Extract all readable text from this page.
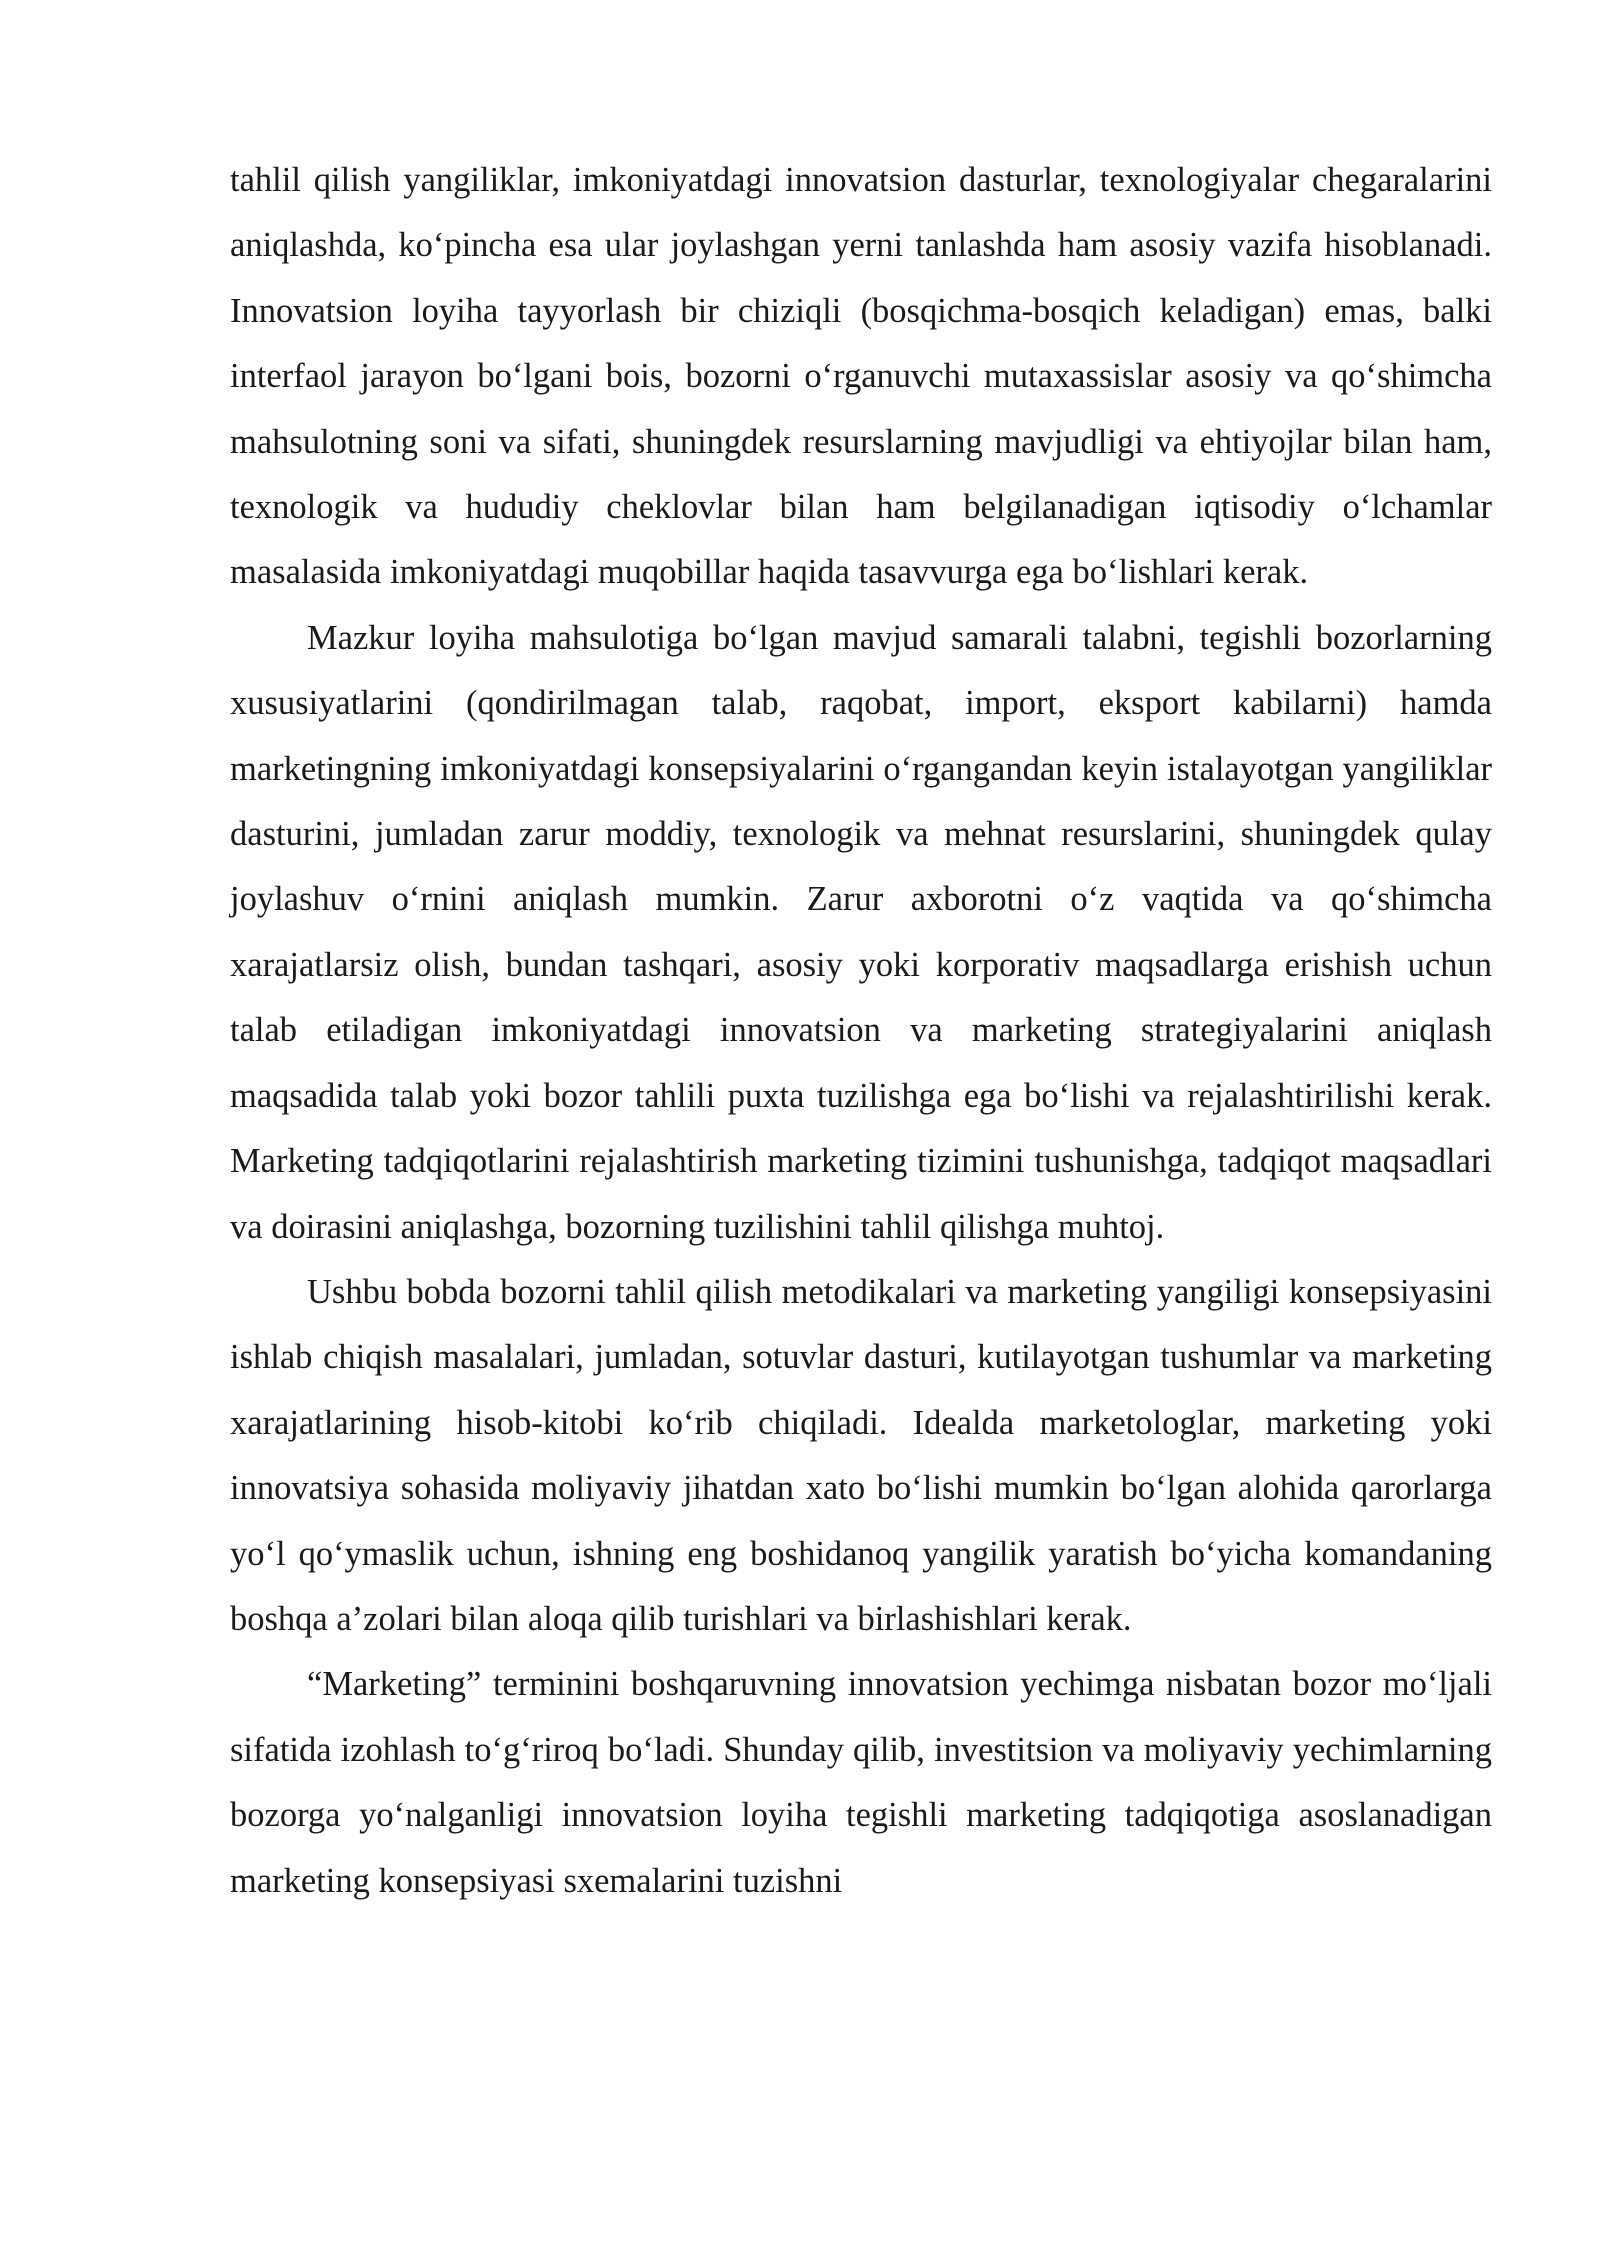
tahlil qilish yangiliklar, imkoniyatdagi innovatsion dasturlar, texnologiyalar chegaralarini aniqlashda, ko‘pincha esa ular joylashgan yerni tanlashda ham asosiy vazifa hisoblanadi. Innovatsion loyiha tayyorlash bir chiziqli (bosqichma-bosqich keladigan) emas, balki interfaol jarayon bo‘lgani bois, bozorni o‘rganuvchi mutaxassislar asosiy va qo‘shimcha mahsulotning soni va sifati, shuningdek resurslarning mavjudligi va ehtiyojlar bilan ham, texnologik va hududiy cheklovlar bilan ham belgilanadigan iqtisodiy o‘lchamlar masalasida imkoniyatdagi muqobillar haqida tasavvurga ega bo‘lishlari kerak.

Mazkur loyiha mahsulotiga bo‘lgan mavjud samarali talabni, tegishli bozorlarning xususiyatlarini (qondirilmagan talab, raqobat, import, eksport kabilarni) hamda marketingning imkoniyatdagi konsepsiyalarini o‘rgangandan keyin istalayotgan yangiliklar dasturini, jumladan zarur moddiy, texnologik va mehnat resurslarini, shuningdek qulay joylashuv o‘rnini aniqlash mumkin. Zarur axborotni o‘z vaqtida va qo‘shimcha xarajatlarsiz olish, bundan tashqari, asosiy yoki korporativ maqsadlarga erishish uchun talab etiladigan imkoniyatdagi innovatsion va marketing strategiyalarini aniqlash maqsadida talab yoki bozor tahlili puxta tuzilishga ega bo‘lishi va rejalashtirilishi kerak. Marketing tadqiqotlarini rejalashtirish marketing tizimini tushunishga, tadqiqot maqsadlari va doirasini aniqlashga, bozorning tuzilishini tahlil qilishga muhtoj.

Ushbu bobda bozorni tahlil qilish metodikalari va marketing yangiligi konsepsiyasini ishlab chiqish masalalari, jumladan, sotuvlar dasturi, kutilayotgan tushumlar va marketing xarajatlarining hisob-kitobi ko‘rib chiqiladi. Idealda marketologlar, marketing yoki innovatsiya sohasida moliyaviy jihatdan xato bo‘lishi mumkin bo‘lgan alohida qarorlarga yo‘l qo‘ymaslik uchun, ishning eng boshidanoq yangilik yaratish bo‘yicha komandaning boshqa a’zolari bilan aloqa qilib turishlari va birlashishlari kerak.

“Marketing” terminini boshqaruvning innovatsion yechimga nisbatan bozor mo‘ljali sifatida izohlash to‘g‘riroq bo‘ladi. Shunday qilib, investitsion va moliyaviy yechimlarning bozorga yo‘nalganligi innovatsion loyiha tegishli marketing tadqiqotiga asoslanadigan marketing konsepsiyasi sxemalarini tuzishni
